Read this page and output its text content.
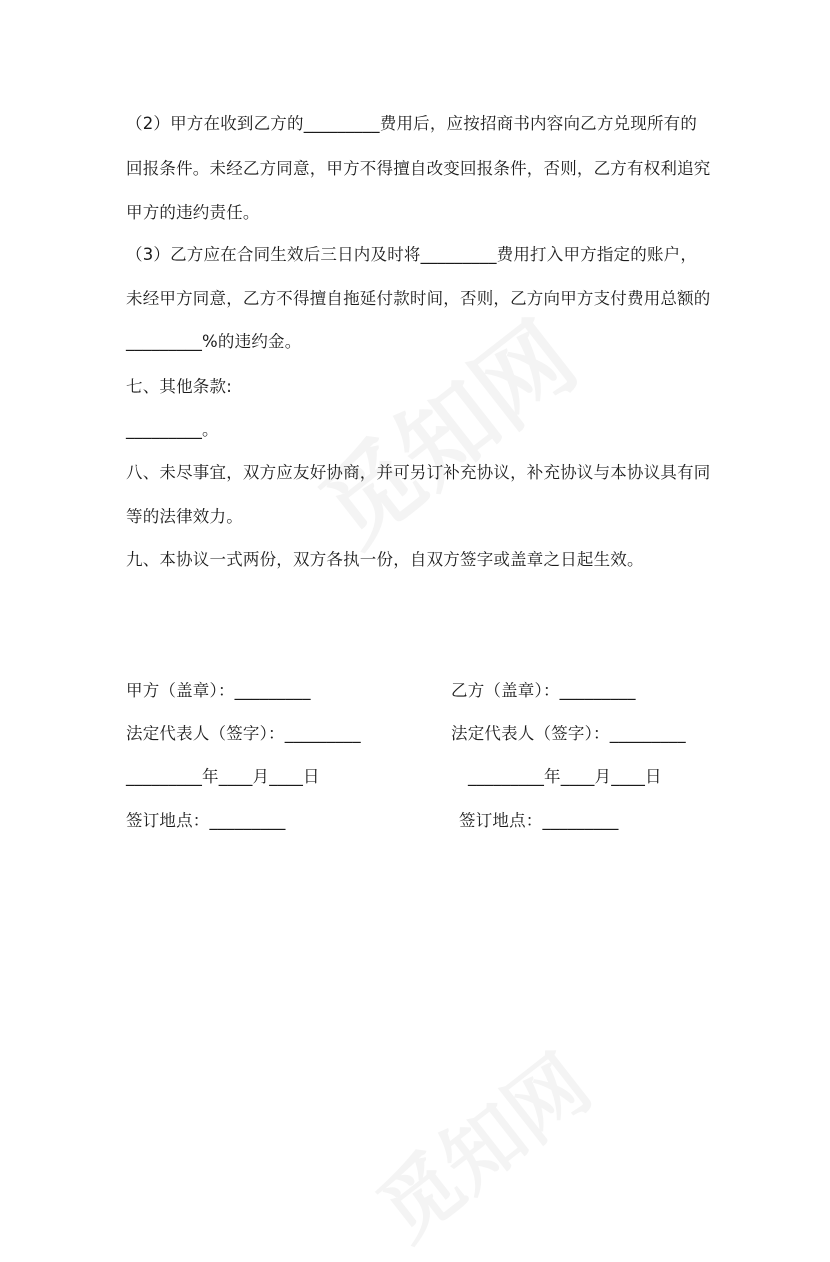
（2）甲方在收到乙方的_________费用后，应按招商书内容向乙方兑现所有的
回报条件。未经乙方同意，甲方不得擅自改变回报条件，否则，乙方有权利追究
甲方的违约责任。
（3）乙方应在合同生效后三日内及时将_________费用打入甲方指定的账户，
未经甲方同意，乙方不得擅自拖延付款时间，否则，乙方向甲方支付费用总额的
_________%的违约金。
七、其他条款:
_________。
八、未尽事宜，双方应友好协商，并可另订补充协议，补充协议与本协议具有同
等的法律效力。
九、本协议一式两份，双方各执一份，自双方签字或盖章之日起生效。
甲方（盖章）：_________
法定代表人（签字）：_________
_________年____月____日
签订地点：_________
乙方（盖章）：_________
法定代表人（签字）：_________
_________年____月____日
签订地点：_________
